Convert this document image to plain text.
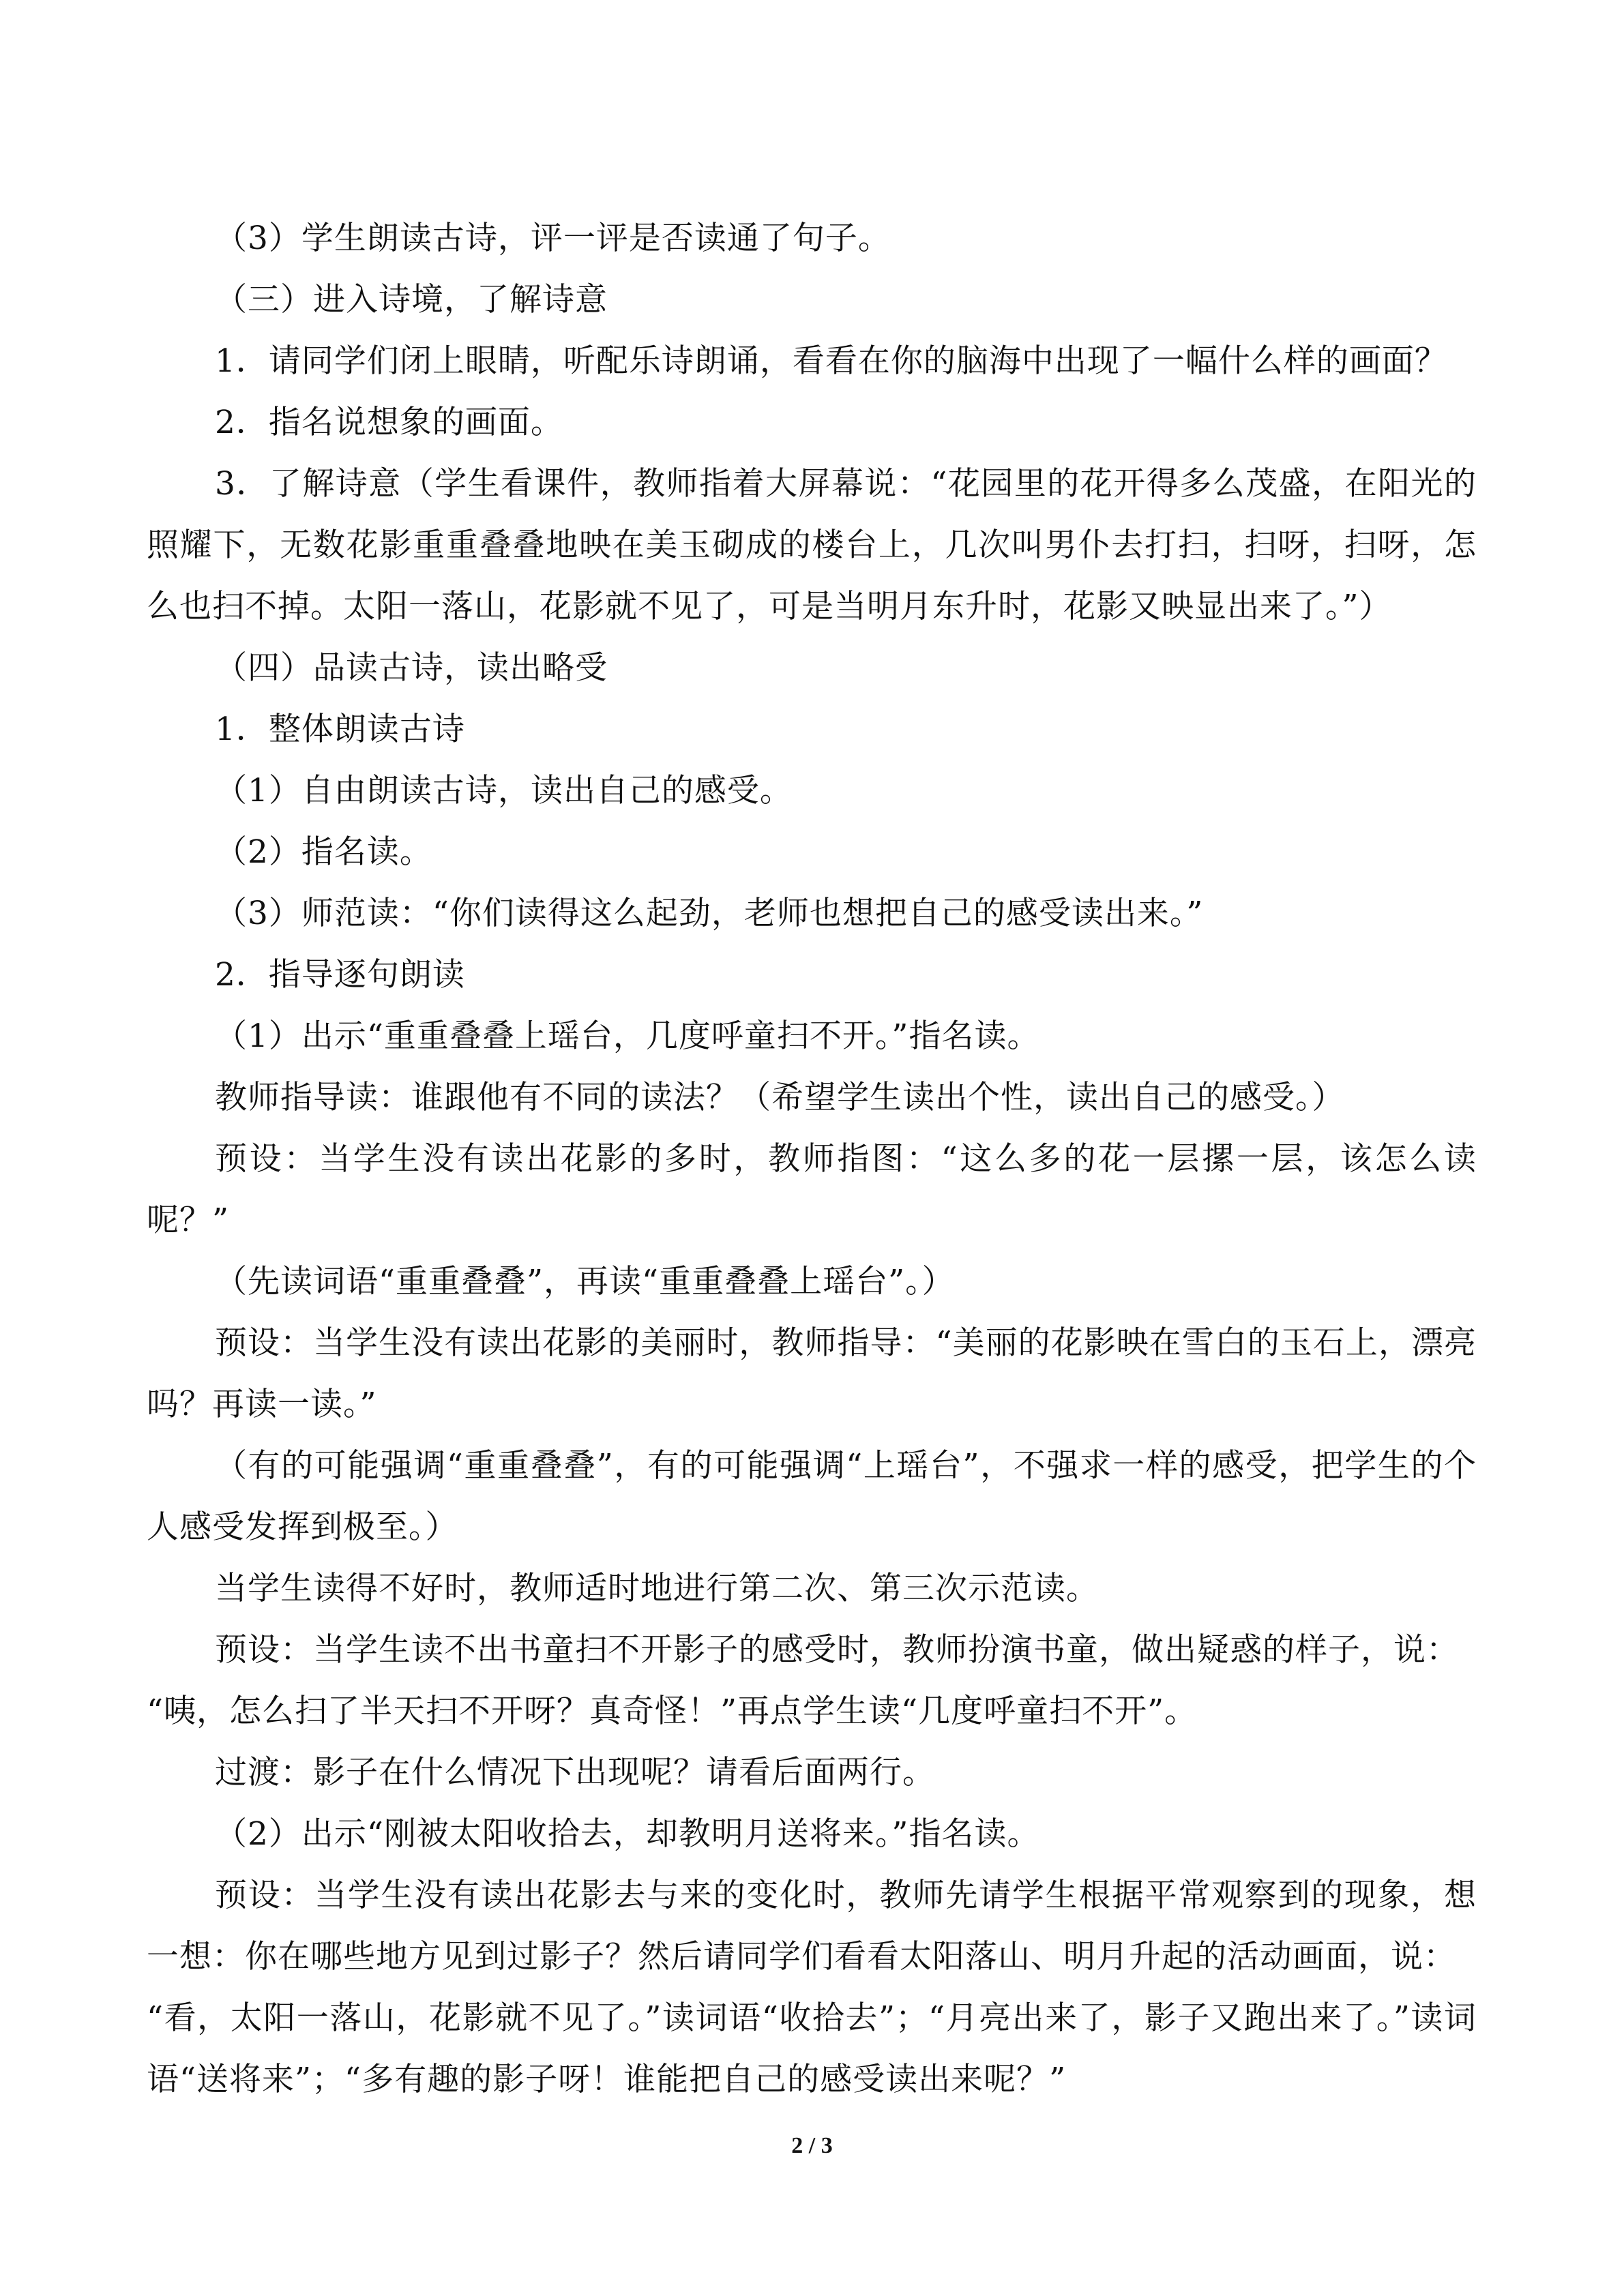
（3）学生朗读古诗，评一评是否读通了句子。

（三）进入诗境，了解诗意

1．请同学们闭上眼睛，听配乐诗朗诵，看看在你的脑海中出现了一幅什么样的画面？

2．指名说想象的画面。

3．了解诗意（学生看课件，教师指着大屏幕说：“花园里的花开得多么茂盛，在阳光的照耀下，无数花影重重叠叠地映在美玉砌成的楼台上，几次叫男仆去打扫，扫呀，扫呀，怎么也扫不掉。太阳一落山，花影就不见了，可是当明月东升时，花影又映显出来了。”）

（四）品读古诗，读出略受

1．整体朗读古诗

（1）自由朗读古诗，读出自己的感受。

（2）指名读。

（3）师范读：“你们读得这么起劲，老师也想把自己的感受读出来。”

2．指导逐句朗读

（1）出示“重重叠叠上瑶台，几度呼童扫不开。”指名读。

教师指导读：谁跟他有不同的读法？（希望学生读出个性，读出自己的感受。）

预设：当学生没有读出花影的多时，教师指图：“这么多的花一层摞一层，该怎么读呢？”

（先读词语“重重叠叠”，再读“重重叠叠上瑶台”。）

预设：当学生没有读出花影的美丽时，教师指导：“美丽的花影映在雪白的玉石上，漂亮吗？再读一读。”

（有的可能强调“重重叠叠”，有的可能强调“上瑶台”，不强求一样的感受，把学生的个人感受发挥到极至。）

当学生读得不好时，教师适时地进行第二次、第三次示范读。

预设：当学生读不出书童扫不开影子的感受时，教师扮演书童，做出疑惑的样子，说：

“咦，怎么扫了半天扫不开呀？真奇怪！”再点学生读“几度呼童扫不开”。

过渡：影子在什么情况下出现呢？请看后面两行。

（2）出示“刚被太阳收拾去，却教明月送将来。”指名读。

预设：当学生没有读出花影去与来的变化时，教师先请学生根据平常观察到的现象，想一想：你在哪些地方见到过影子？然后请同学们看看太阳落山、明月升起的活动画面，说：

“看，太阳一落山，花影就不见了。”读词语“收拾去”；“月亮出来了，影子又跑出来了。”读词语“送将来”；“多有趣的影子呀！谁能把自己的感受读出来呢？”

2 / 3
